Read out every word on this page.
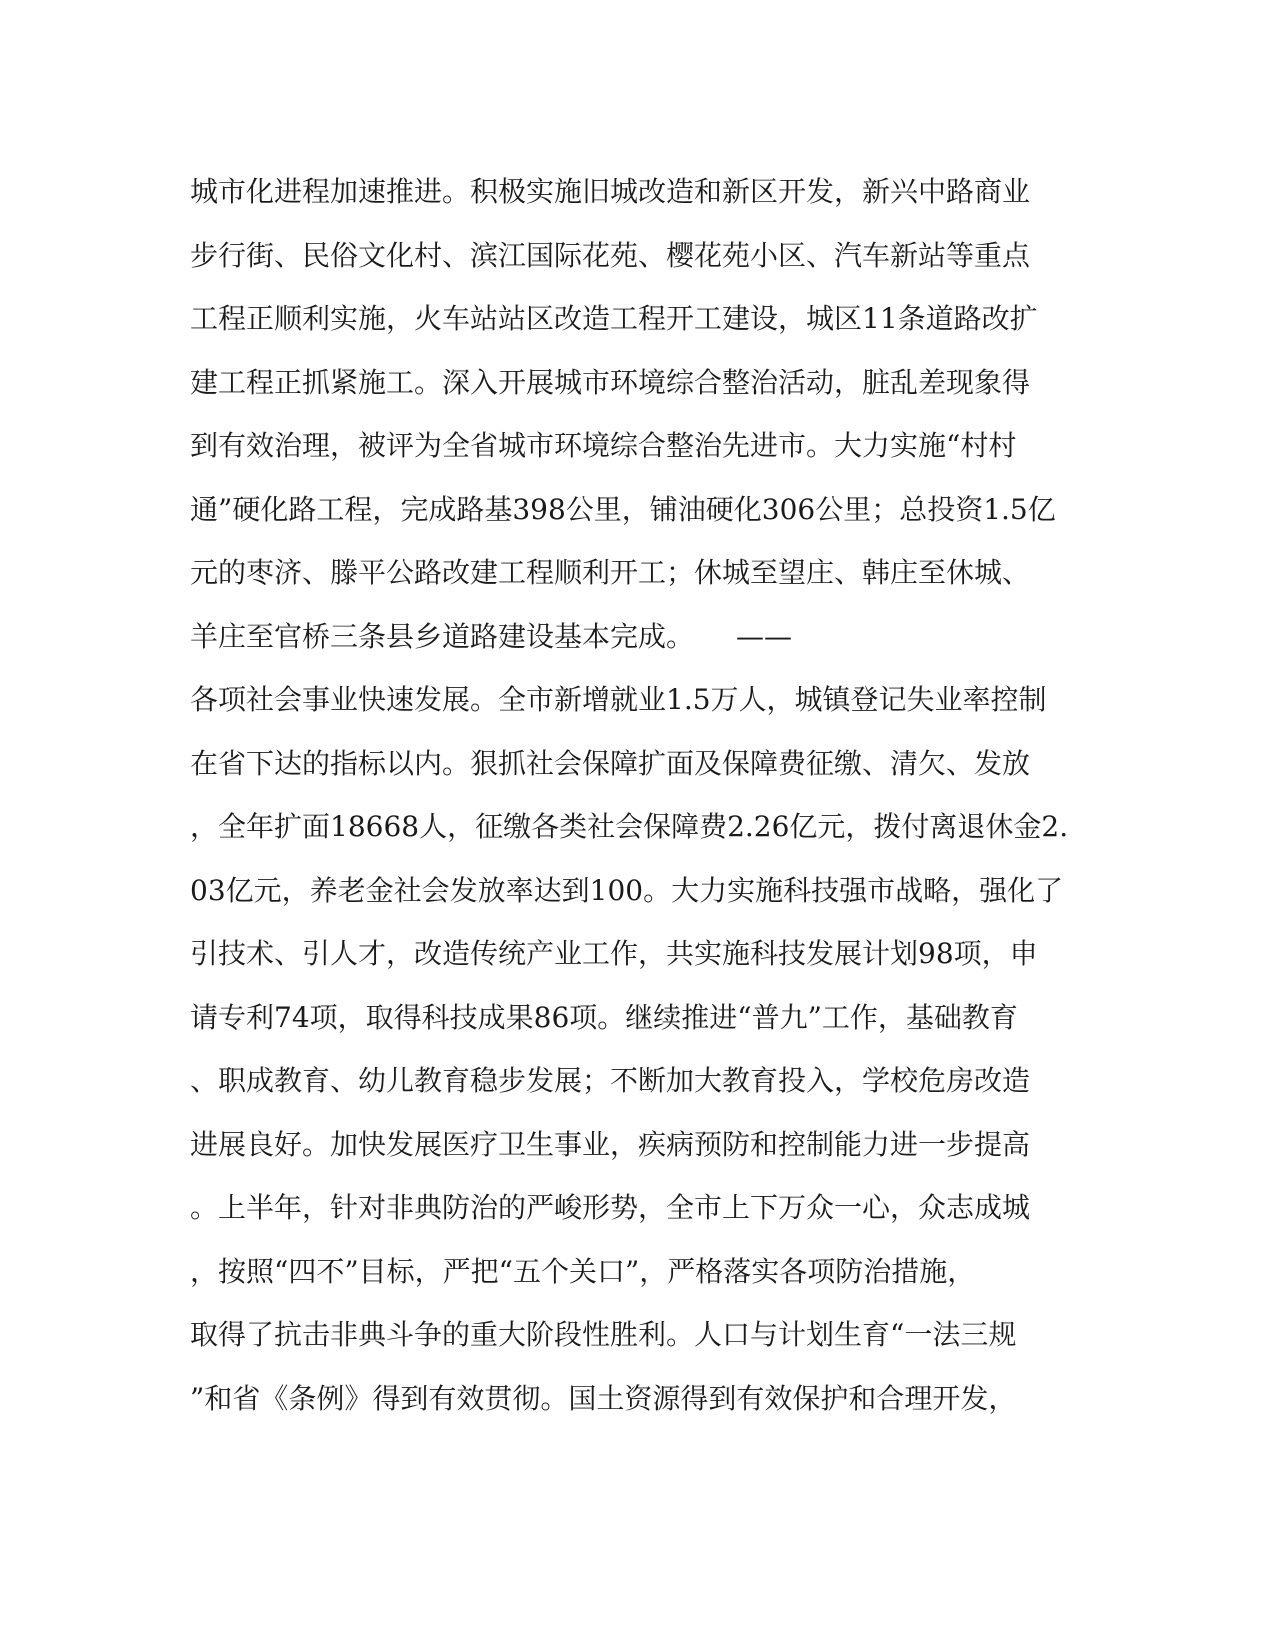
城市化进程加速推进。积极实施旧城改造和新区开发，新兴中路商业
步行街、民俗文化村、滨江国际花苑、樱花苑小区、汽车新站等重点
工程正顺利实施，火车站站区改造工程开工建设，城区11条道路改扩
建工程正抓紧施工。深入开展城市环境综合整治活动，脏乱差现象得
到有效治理，被评为全省城市环境综合整治先进市。大力实施“村村
通”硬化路工程，完成路基398公里，铺油硬化306公里；总投资1.5亿
元的枣济、滕平公路改建工程顺利开工；休城至望庄、韩庄至休城、
羊庄至官桥三条县乡道路建设基本完成。　　——
各项社会事业快速发展。全市新增就业1.5万人，城镇登记失业率控制
在省下达的指标以内。狠抓社会保障扩面及保障费征缴、清欠、发放
，全年扩面18668人，征缴各类社会保障费2.26亿元，拨付离退休金2.
03亿元，养老金社会发放率达到100。大力实施科技强市战略，强化了
引技术、引人才，改造传统产业工作，共实施科技发展计划98项，申
请专利74项，取得科技成果86项。继续推进“普九”工作，基础教育
、职成教育、幼儿教育稳步发展；不断加大教育投入，学校危房改造
进展良好。加快发展医疗卫生事业，疾病预防和控制能力进一步提高
。上半年，针对非典防治的严峻形势，全市上下万众一心，众志成城
，按照“四不”目标，严把“五个关口”，严格落实各项防治措施，
取得了抗击非典斗争的重大阶段性胜利。人口与计划生育“一法三规
”和省《条例》得到有效贯彻。国土资源得到有效保护和合理开发，
